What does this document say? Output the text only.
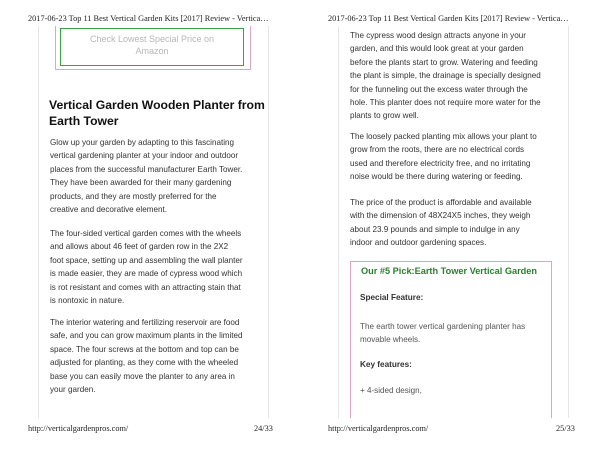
2017-06-23 Top 11 Best Vertical Garden Kits [2017] Review - Vertica…
Check Lowest Special Price on
Amazon
Vertical Garden Wooden Planter from
Earth Tower
Glow up your garden by adapting to this fascinating
vertical gardening planter at your indoor and outdoor
places from the successful manufacturer Earth Tower.
They have been awarded for their many gardening
products, and they are mostly preferred for the
creative and decorative element.
The four-sided vertical garden comes with the wheels
and allows about 46 feet of garden row in the 2X2
foot space, setting up and assembling the wall planter
is made easier, they are made of cypress wood which
is rot resistant and comes with an attracting stain that
is nontoxic in nature.
The interior watering and fertilizing reservoir are food
safe, and you can grow maximum plants in the limited
space. The four screws at the bottom and top can be
adjusted for planting, as they come with the wheeled
base you can easily move the planter to any area in
your garden.
http://verticalgardenpros.com/	24/33
2017-06-23 Top 11 Best Vertical Garden Kits [2017] Review - Vertica…
The cypress wood design attracts anyone in your
garden, and this would look great at your garden
before the plants start to grow. Watering and feeding
the plant is simple, the drainage is specially designed
for the funneling out the excess water through the
hole. This planter does not require more water for the
plants to grow well.
The loosely packed planting mix allows your plant to
grow from the roots, there are no electrical cords
used and therefore electricity free, and no irritating
noise would be there during watering or feeding.
The price of the product is affordable and available
with the dimension of 48X24X5 inches, they weigh
about 23.9 pounds and simple to indulge in any
indoor and outdoor gardening spaces.
Our #5 Pick:Earth Tower Vertical Garden
Special Feature:
The earth tower vertical gardening planter has
movable wheels.
Key features:
+ 4-sided design,
http://verticalgardenpros.com/	25/33
